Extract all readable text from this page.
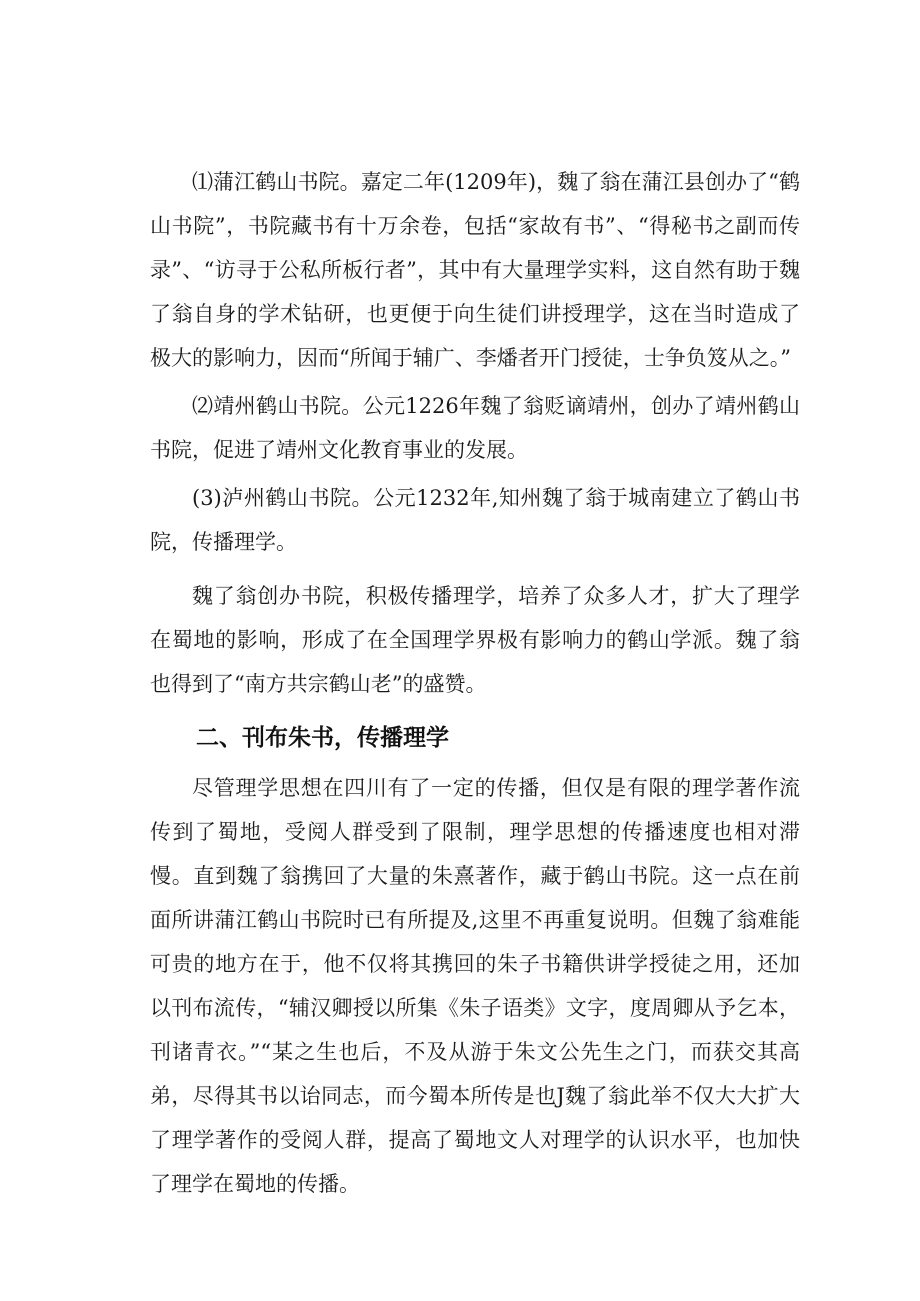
⑴蒲江鹤山书院。嘉定二年(1209年)，魏了翁在蒲江县创办了“鹤山书院”，书院藏书有十万余卷，包括“家故有书”、“得秘书之副而传录”、“访寻于公私所板行者”，其中有大量理学实料，这自然有助于魏了翁自身的学术钻研，也更便于向生徒们讲授理学，这在当时造成了极大的影响力，因而“所闻于辅广、李燔者开门授徒，士争负笈从之。”

⑵靖州鹤山书院。公元1226年魏了翁贬谪靖州，创办了靖州鹤山书院，促进了靖州文化教育事业的发展。

(3)泸州鹤山书院。公元1232年,知州魏了翁于城南建立了鹤山书院，传播理学。

魏了翁创办书院，积极传播理学，培养了众多人才，扩大了理学在蜀地的影响，形成了在全国理学界极有影响力的鹤山学派。魏了翁也得到了“南方共宗鹤山老”的盛赞。

二、刊布朱书，传播理学

尽管理学思想在四川有了一定的传播，但仅是有限的理学著作流传到了蜀地，受阅人群受到了限制，理学思想的传播速度也相对滞慢。直到魏了翁携回了大量的朱熹著作，藏于鹤山书院。这一点在前面所讲蒲江鹤山书院时已有所提及,这里不再重复说明。但魏了翁难能可贵的地方在于，他不仅将其携回的朱子书籍供讲学授徒之用，还加以刊布流传，“辅汉卿授以所集《朱子语类》文字，度周卿从予乞本，刊诸青衣。”“某之生也后，不及从游于朱文公先生之门，而获交其高弟，尽得其书以诒同志，而今蜀本所传是也J魏了翁此举不仅大大扩大了理学著作的受阅人群，提高了蜀地文人对理学的认识水平，也加快了理学在蜀地的传播。
